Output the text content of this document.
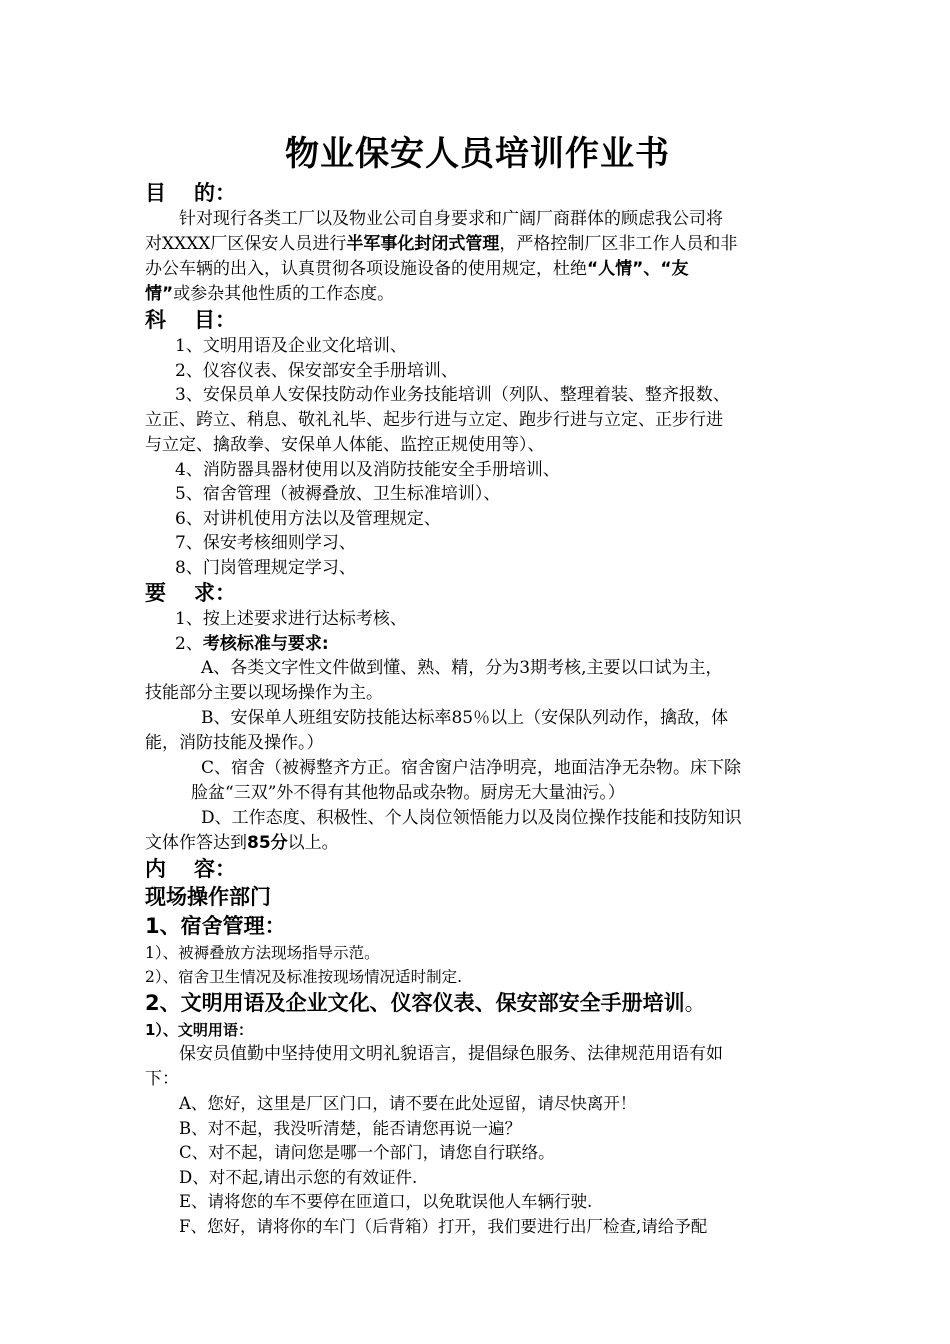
物业保安人员培训作业书

目 的：

针对现行各类工厂以及物业公司自身要求和广阔厂商群体的顾虑我公司将

对XXXX厂区保安人员进行半军事化封闭式管理，严格控制厂区非工作人员和非

办公车辆的出入，认真贯彻各项设施设备的使用规定，杜绝“人情”、“友

情”或参杂其他性质的工作态度。

科 目：

1、文明用语及企业文化培训、

2、仪容仪表、保安部安全手册培训、

3、安保员单人安保技防动作业务技能培训（列队、整理着装、整齐报数、

立正、跨立、稍息、敬礼礼毕、起步行进与立定、跑步行进与立定、正步行进

与立定、擒敌拳、安保单人体能、监控正规使用等）、

4、消防器具器材使用以及消防技能安全手册培训、

5、宿舍管理（被褥叠放、卫生标准培训）、

6、对讲机使用方法以及管理规定、

7、保安考核细则学习、

8、门岗管理规定学习、

要 求：

1、按上述要求进行达标考核、

2、考核标准与要求:

A、各类文字性文件做到懂、熟、精，分为3期考核,主要以口试为主，

技能部分主要以现场操作为主。

B、安保单人班组安防技能达标率85％以上（安保队列动作，擒敌，体

能，消防技能及操作。）

C、宿舍（被褥整齐方正。宿舍窗户洁净明亮，地面洁净无杂物。床下除

脸盆“三双”外不得有其他物品或杂物。厨房无大量油污。）

D、工作态度、积极性、个人岗位领悟能力以及岗位操作技能和技防知识

文体作答达到85分以上。

内 容：

现场操作部门

1、宿舍管理：

1）、被褥叠放方法现场指导示范。

2）、宿舍卫生情况及标准按现场情况适时制定.

2、文明用语及企业文化、仪容仪表、保安部安全手册培训。

1）、文明用语：

保安员值勤中坚持使用文明礼貌语言，提倡绿色服务、法律规范用语有如

下：

A、您好，这里是厂区门口，请不要在此处逗留，请尽快离开！

B、对不起，我没听清楚，能否请您再说一遍？

C、对不起，请问您是哪一个部门，请您自行联络。

D、对不起,请出示您的有效证件.

E、请将您的车不要停在匝道口，以免耽误他人车辆行驶.

F、您好，请将你的车门（后背箱）打开，我们要进行出厂检查,请给予配
